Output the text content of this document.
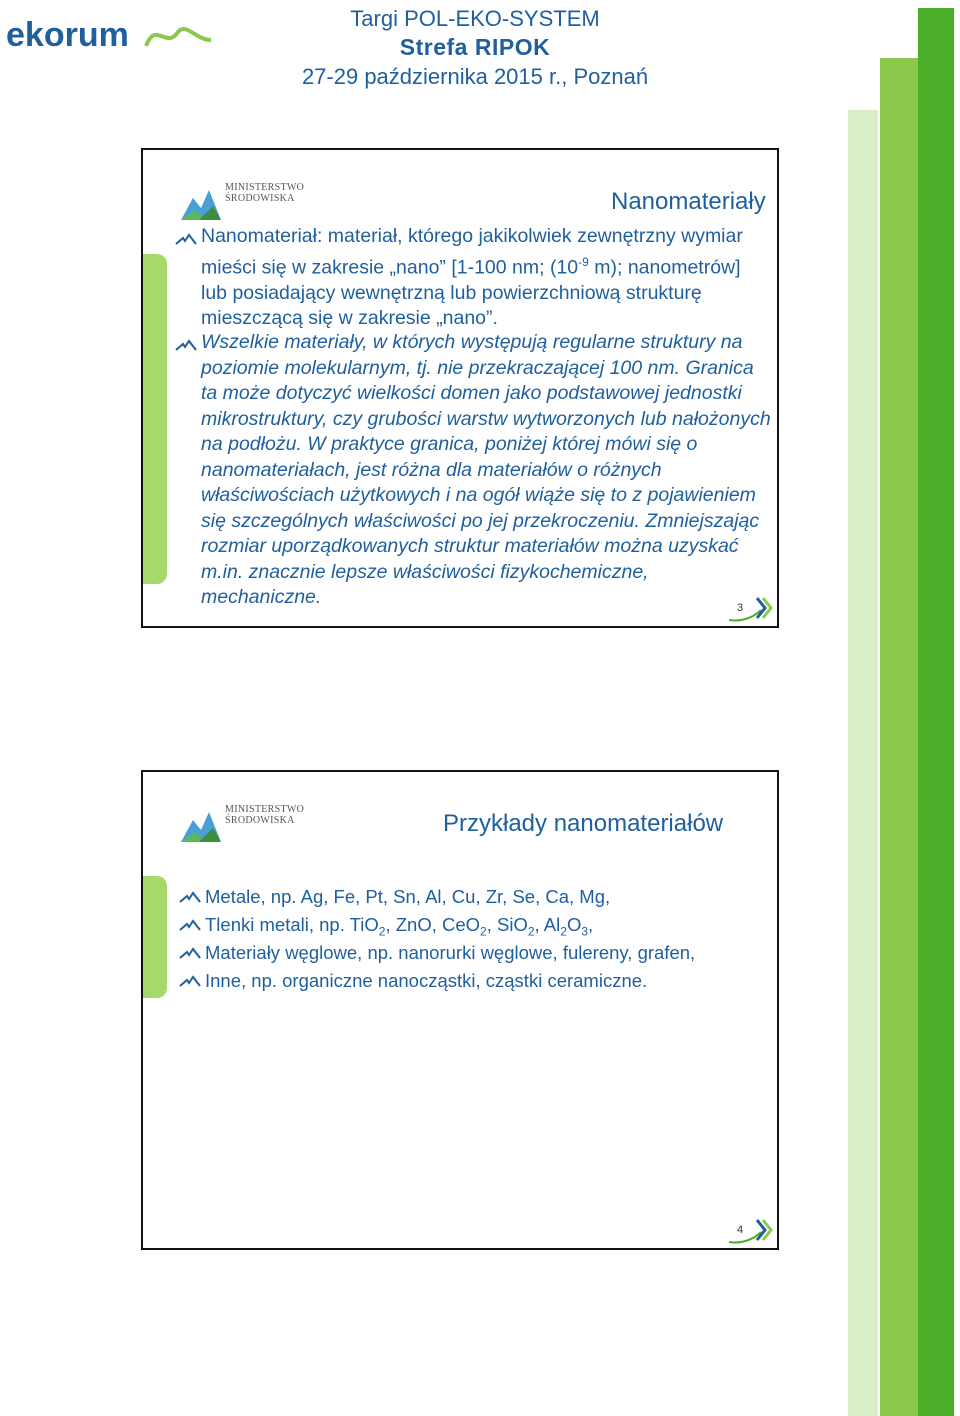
ekorum	Targi POL-EKO-SYSTEM
Strefa RIPOK
27-29 października 2015 r., Poznań
MINISTERSTWO
ŚRODOWISKA	Nanomateriały
Nanomateriał: materiał, którego jakikolwiek zewnętrzny wymiar mieści się w zakresie „nano” [1-100 nm; ($10^{-9}$ m); nanometrów] lub posiadający wewnętrzną lub powierzchniową strukturę mieszczącą się w zakresie „nano”.
Wszelkie materiały, w których występują regularne struktury na poziomie molekularnym, tj. nie przekraczającej 100 nm. Granica ta może dotyczyć wielkości domen jako podstawowej jednostki mikrostruktury, czy grubości warstw wytworzonych lub nałożonych na podłożu. W praktyce granica, poniżej której mówi się o nanomateriałach, jest różna dla materiałów o różnych właściwościach użytkowych i na ogół wiąże się to z pojawieniem się szczególnych właściwości po jej przekroczeniu. Zmniejszając rozmiar uporządkowanych struktur materiałów można uzyskać m.in. znacznie lepsze właściwości fizykochemiczne, mechaniczne.	3
MINISTERSTWO
ŚRODOWISKA	Przykłady nanomateriałów
Metale, np. Ag, Fe, Pt, Sn, Al, Cu, Zr, Se, Ca, Mg,
Tlenki metali, np. TiO$_2$, ZnO, CeO$_2$, SiO$_2$, $Al_2O_3$,
Materiały węglowe, np. nanorurki węglowe, fulereny, grafen,
Inne, np. organiczne nanocząstki, cząstki ceramiczne.
4
